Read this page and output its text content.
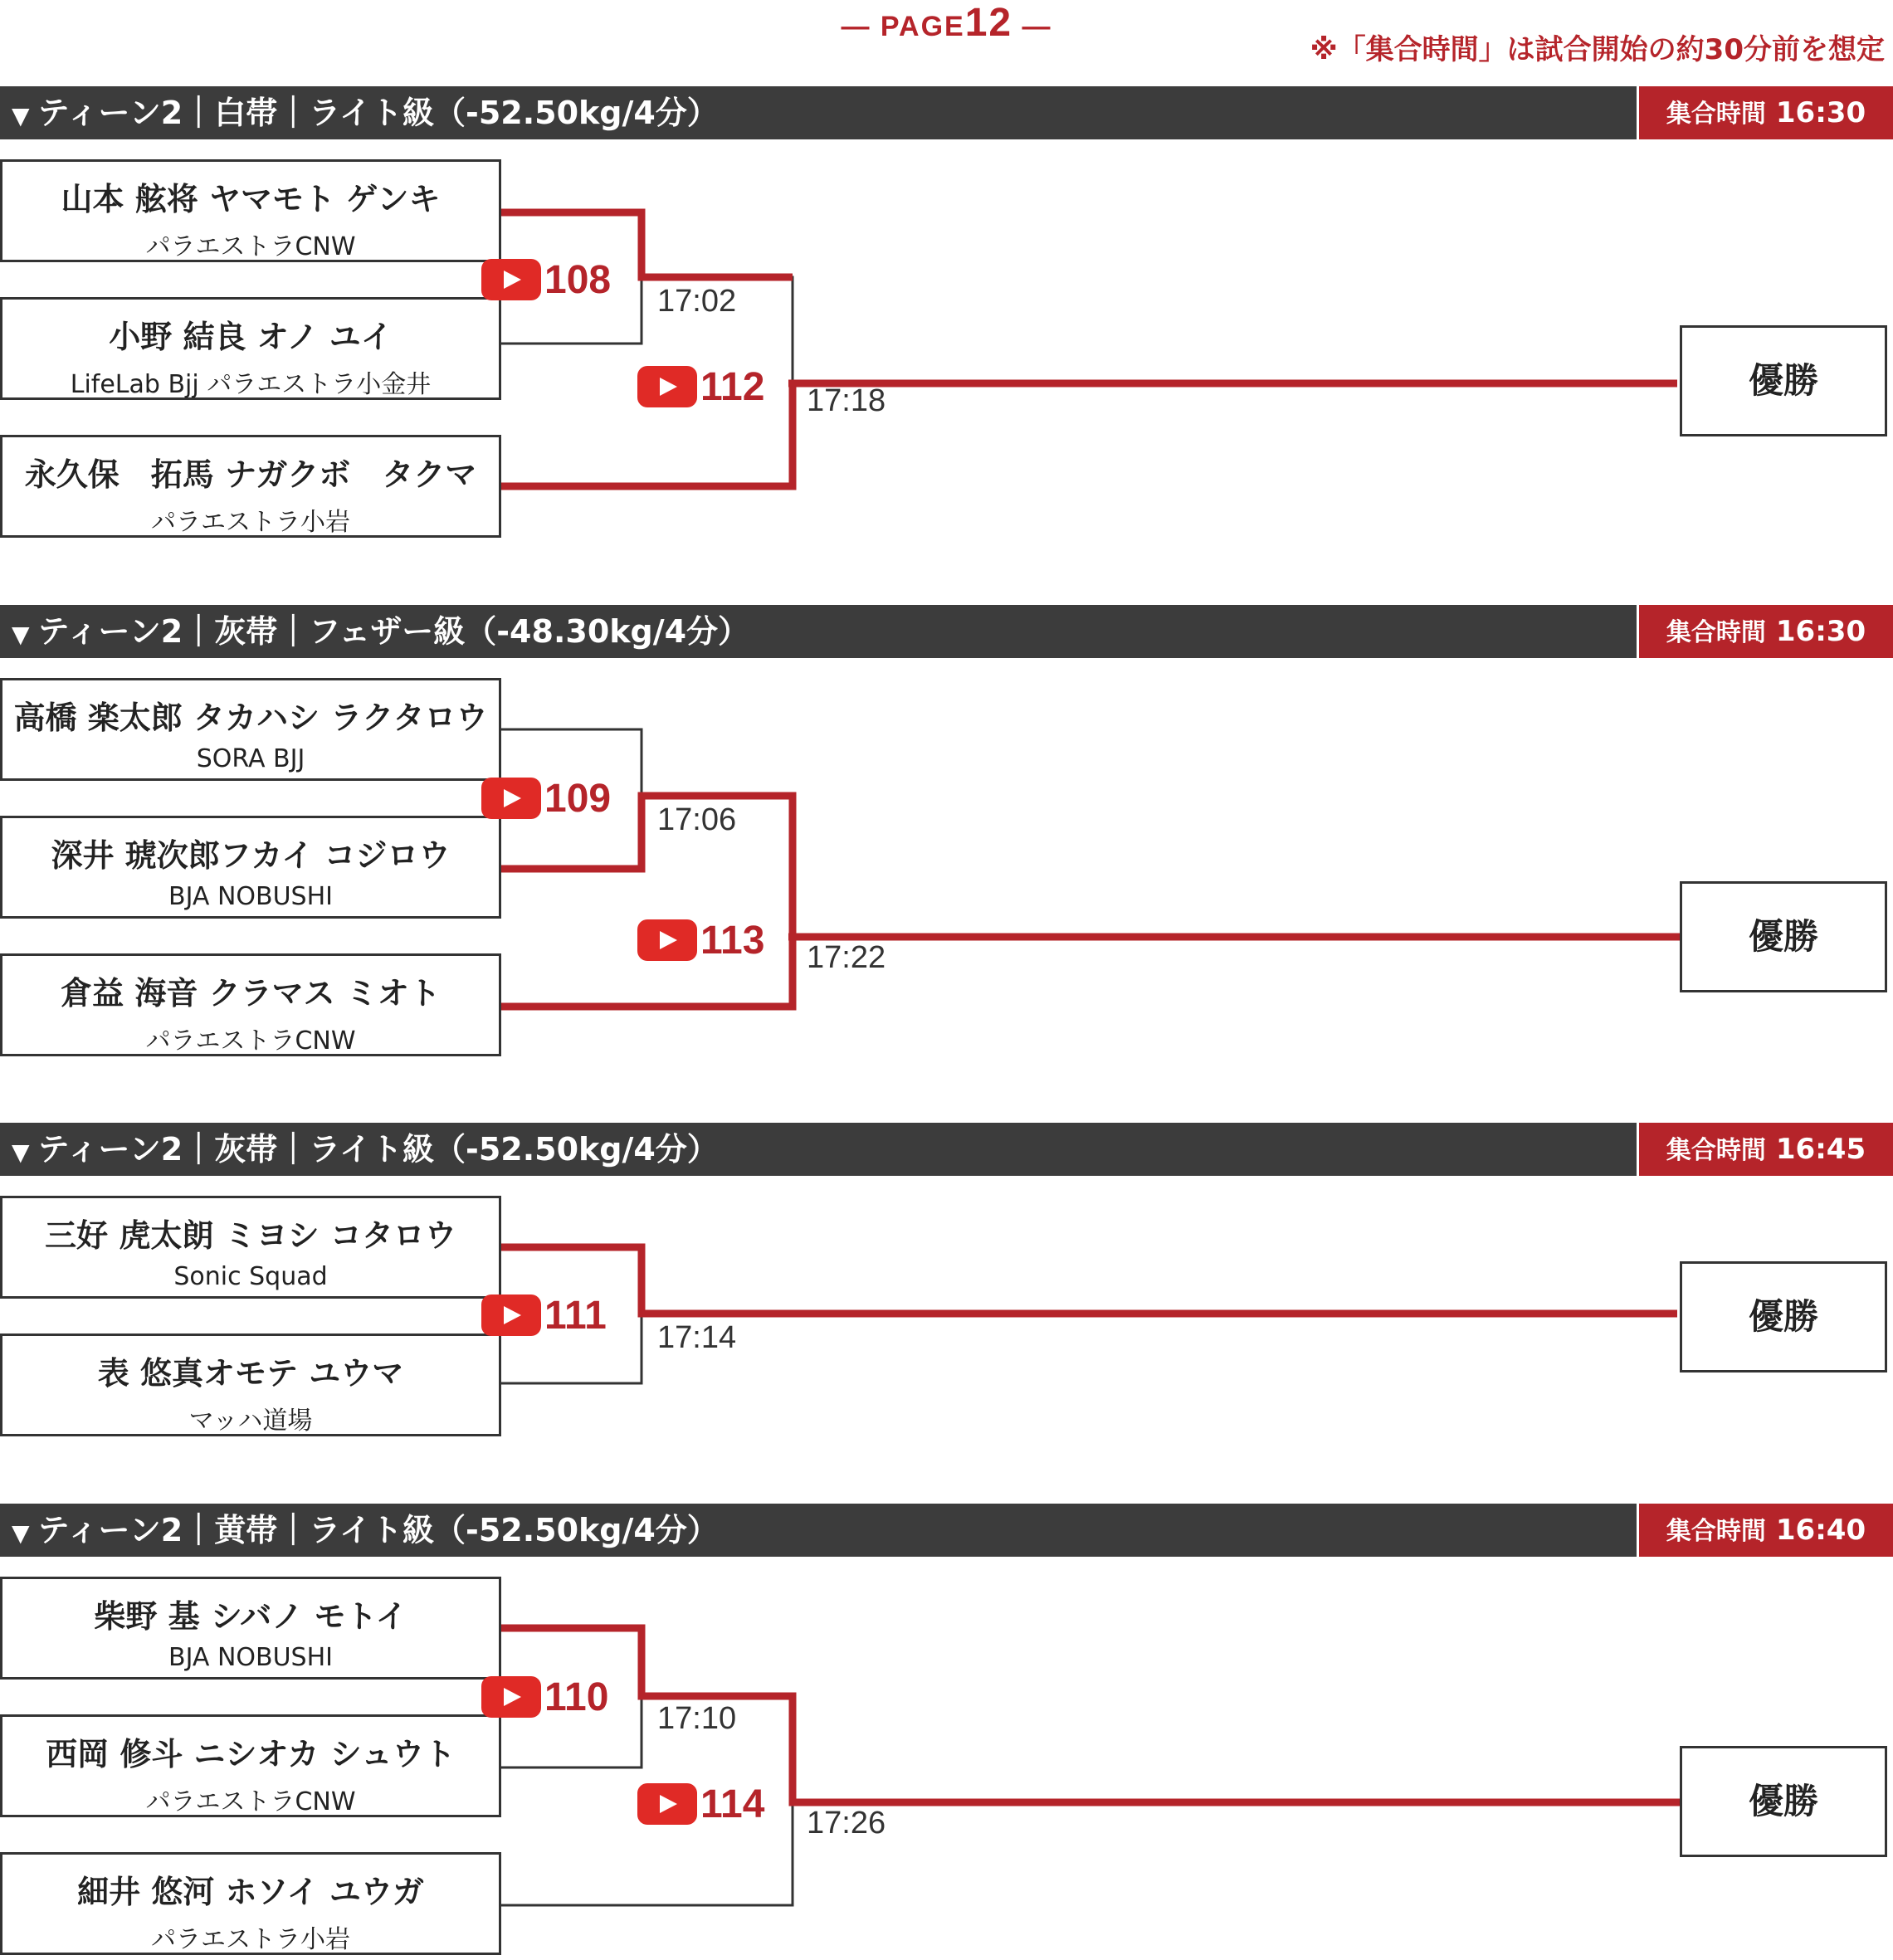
— PAGE12 —
※「集合時間」は試合開始の約30分前を想定
▼ ティーン2｜白帯｜ライト級（-52.50kg/4分）	集合時間 16:30
山本 舷将 ヤマモト ゲンキ
パラエストラCNW
小野 結良 オノ ユイ
LifeLab Bjj パラエストラ小金井
永久保　拓馬 ナガクボ　タクマ
パラエストラ小岩
108 17:02
112 17:18	優勝
▼ ティーン2｜灰帯｜フェザー級（-48.30kg/4分）	集合時間 16:30
高橋 楽太郎 タカハシ ラクタロウ
SORA BJJ
深井 琥次郎フカイ コジロウ
BJA NOBUSHI
倉益 海音 クラマス ミオト
パラエストラCNW
109 17:06
113 17:22
優勝
▼ ティーン2｜灰帯｜ライト級（-52.50kg/4分）	集合時間 16:45
三好 虎太朗 ミヨシ コタロウ
Sonic Squad
表 悠真オモテ ユウマ
マッハ道場
111
17:14
優勝
▼ ティーン2｜黄帯｜ライト級（-52.50kg/4分）	集合時間 16:40
柴野 基 シバノ モトイ
BJA NOBUSHI
西岡 修斗 ニシオカ シュウト
パラエストラCNW
細井 悠河 ホソイ ユウガ
パラエストラ小岩
110 17:10
114 17:26
優勝
